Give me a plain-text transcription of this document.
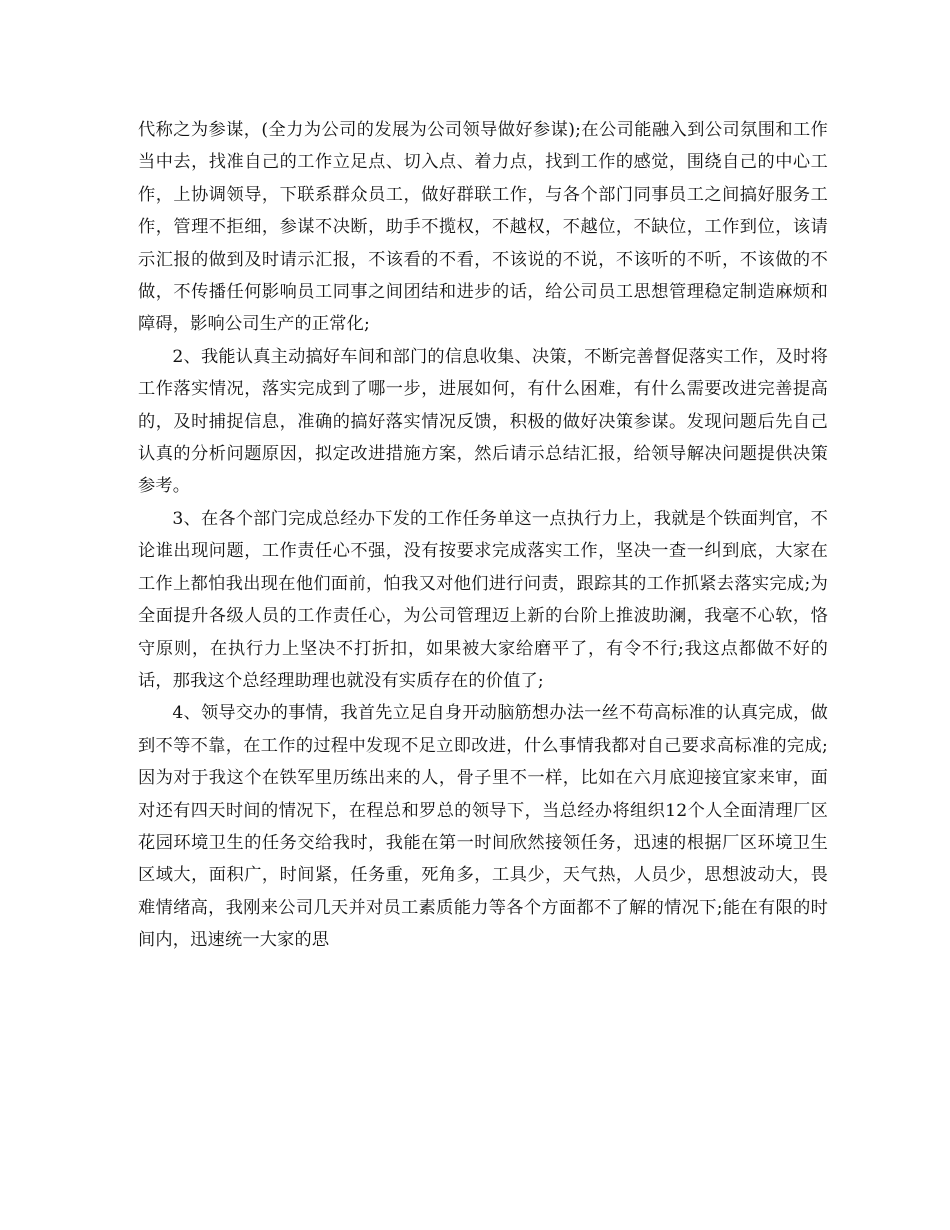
代称之为参谋，(全力为公司的发展为公司领导做好参谋);在公司能融入到公司氛围和工作当中去，找准自己的工作立足点、切入点、着力点，找到工作的感觉，围绕自己的中心工作，上协调领导，下联系群众员工，做好群联工作，与各个部门同事员工之间搞好服务工作，管理不拒细，参谋不决断，助手不揽权，不越权，不越位，不缺位，工作到位，该请示汇报的做到及时请示汇报，不该看的不看，不该说的不说，不该听的不听，不该做的不做，不传播任何影响员工同事之间团结和进步的话，给公司员工思想管理稳定制造麻烦和障碍，影响公司生产的正常化;

2、我能认真主动搞好车间和部门的信息收集、决策，不断完善督促落实工作，及时将工作落实情况，落实完成到了哪一步，进展如何，有什么困难，有什么需要改进完善提高的，及时捕捉信息，准确的搞好落实情况反馈，积极的做好决策参谋。发现问题后先自己认真的分析问题原因，拟定改进措施方案，然后请示总结汇报，给领导解决问题提供决策参考。

3、在各个部门完成总经办下发的工作任务单这一点执行力上，我就是个铁面判官，不论谁出现问题，工作责任心不强，没有按要求完成落实工作，坚决一查一纠到底，大家在工作上都怕我出现在他们面前，怕我又对他们进行问责，跟踪其的工作抓紧去落实完成;为全面提升各级人员的工作责任心，为公司管理迈上新的台阶上推波助澜，我毫不心软，恪守原则，在执行力上坚决不打折扣，如果被大家给磨平了，有令不行;我这点都做不好的话，那我这个总经理助理也就没有实质存在的价值了;

4、领导交办的事情，我首先立足自身开动脑筋想办法一丝不苟高标准的认真完成，做到不等不靠，在工作的过程中发现不足立即改进，什么事情我都对自己要求高标准的完成;因为对于我这个在铁军里历练出来的人，骨子里不一样，比如在六月底迎接宜家来审，面对还有四天时间的情况下，在程总和罗总的领导下，当总经办将组织12个人全面清理厂区花园环境卫生的任务交给我时，我能在第一时间欣然接领任务，迅速的根据厂区环境卫生区域大，面积广，时间紧，任务重，死角多，工具少，天气热，人员少，思想波动大，畏难情绪高，我刚来公司几天并对员工素质能力等各个方面都不了解的情况下;能在有限的时间内，迅速统一大家的思
